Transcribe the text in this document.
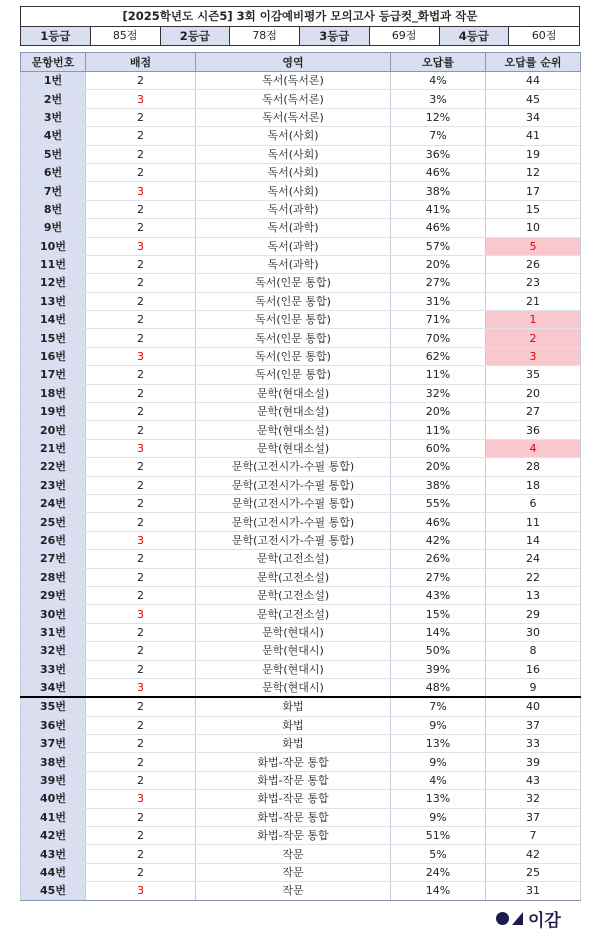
[2025학년도 시즌5] 3회 이감예비평가 모의고사 등급컷_화법과 작문
1등급	85점	2등급	78점	3등급	69점	4등급	60점
문항번호	배점	영역	오답률	오답률 순위
1번	2	독서(독서론)	4%	44
2번	3	독서(독서론)	3%	45
3번	2	독서(독서론)	12%	34
4번	2	독서(사회)	7%	41
5번	2	독서(사회)	36%	19
6번	2	독서(사회)	46%	12
7번	3	독서(사회)	38%	17
8번	2	독서(과학)	41%	15
9번	2	독서(과학)	46%	10
10번	3	독서(과학)	57%	5
11번	2	독서(과학)	20%	26
12번	2	독서(인문 통합)	27%	23
13번	2	독서(인문 통합)	31%	21
14번	2	독서(인문 통합)	71%	1
15번	2	독서(인문 통합)	70%	2
16번	3	독서(인문 통합)	62%	3
17번	2	독서(인문 통합)	11%	35
18번	2	문학(현대소설)	32%	20
19번	2	문학(현대소설)	20%	27
20번	2	문학(현대소설)	11%	36
21번	3	문학(현대소설)	60%	4
22번	2	문학(고전시가-수필 통합)	20%	28
23번	2	문학(고전시가-수필 통합)	38%	18
24번	2	문학(고전시가-수필 통합)	55%	6
25번	2	문학(고전시가-수필 통합)	46%	11
26번	3	문학(고전시가-수필 통합)	42%	14
27번	2	문학(고전소설)	26%	24
28번	2	문학(고전소설)	27%	22
29번	2	문학(고전소설)	43%	13
30번	3	문학(고전소설)	15%	29
31번	2	문학(현대시)	14%	30
32번	2	문학(현대시)	50%	8
33번	2	문학(현대시)	39%	16
34번	3	문학(현대시)	48%	9
35번	2	화법	7%	40
36번	2	화법	9%	37
37번	2	화법	13%	33
38번	2	화법-작문 통합	9%	39
39번	2	화법-작문 통합	4%	43
40번	3	화법-작문 통합	13%	32
41번	2	화법-작문 통합	9%	37
42번	2	화법-작문 통합	51%	7
43번	2	작문	5%	42
44번	2	작문	24%	25
45번	3	작문	14%	31
이감
